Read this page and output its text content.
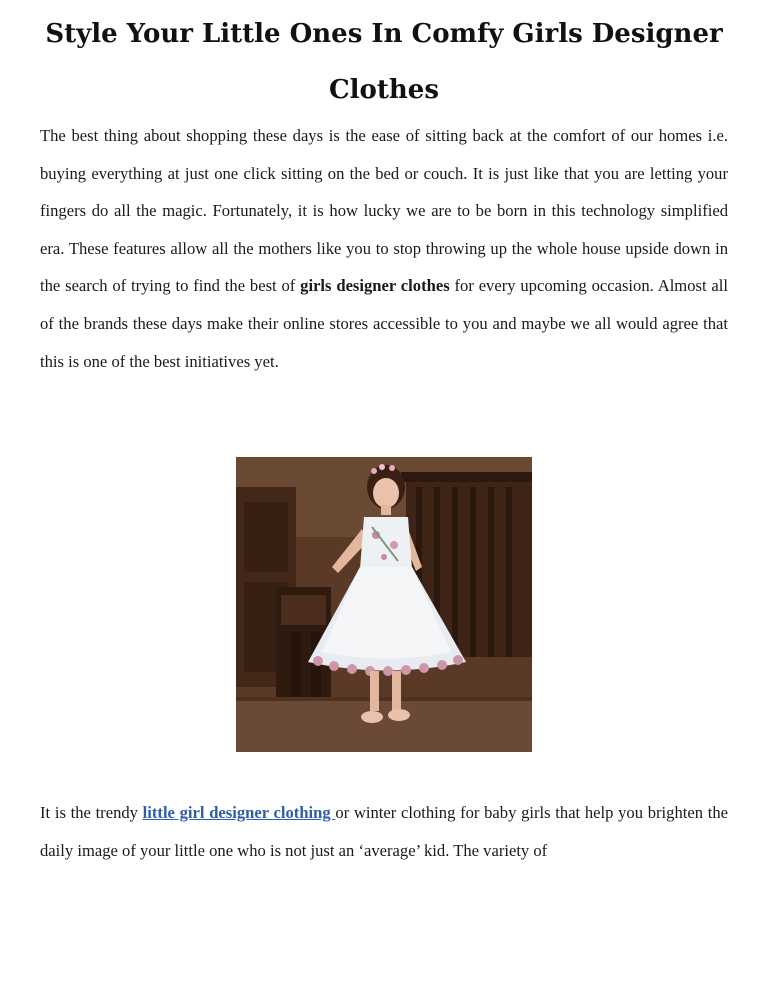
Style Your Little Ones In Comfy Girls Designer Clothes

The best thing about shopping these days is the ease of sitting back at the comfort of our homes i.e. buying everything at just one click sitting on the bed or couch. It is just like that you are letting your fingers do all the magic. Fortunately, it is how lucky we are to be born in this technology simplified era. These features allow all the mothers like you to stop throwing up the whole house upside down in the search of trying to find the best of girls designer clothes for every upcoming occasion. Almost all of the brands these days make their online stores accessible to you and maybe we all would agree that this is one of the best initiatives yet.

It is the trendy little girl designer clothing or winter clothing for baby girls that help you brighten the daily image of your little one who is not just an ‘average’ kid. The variety of
